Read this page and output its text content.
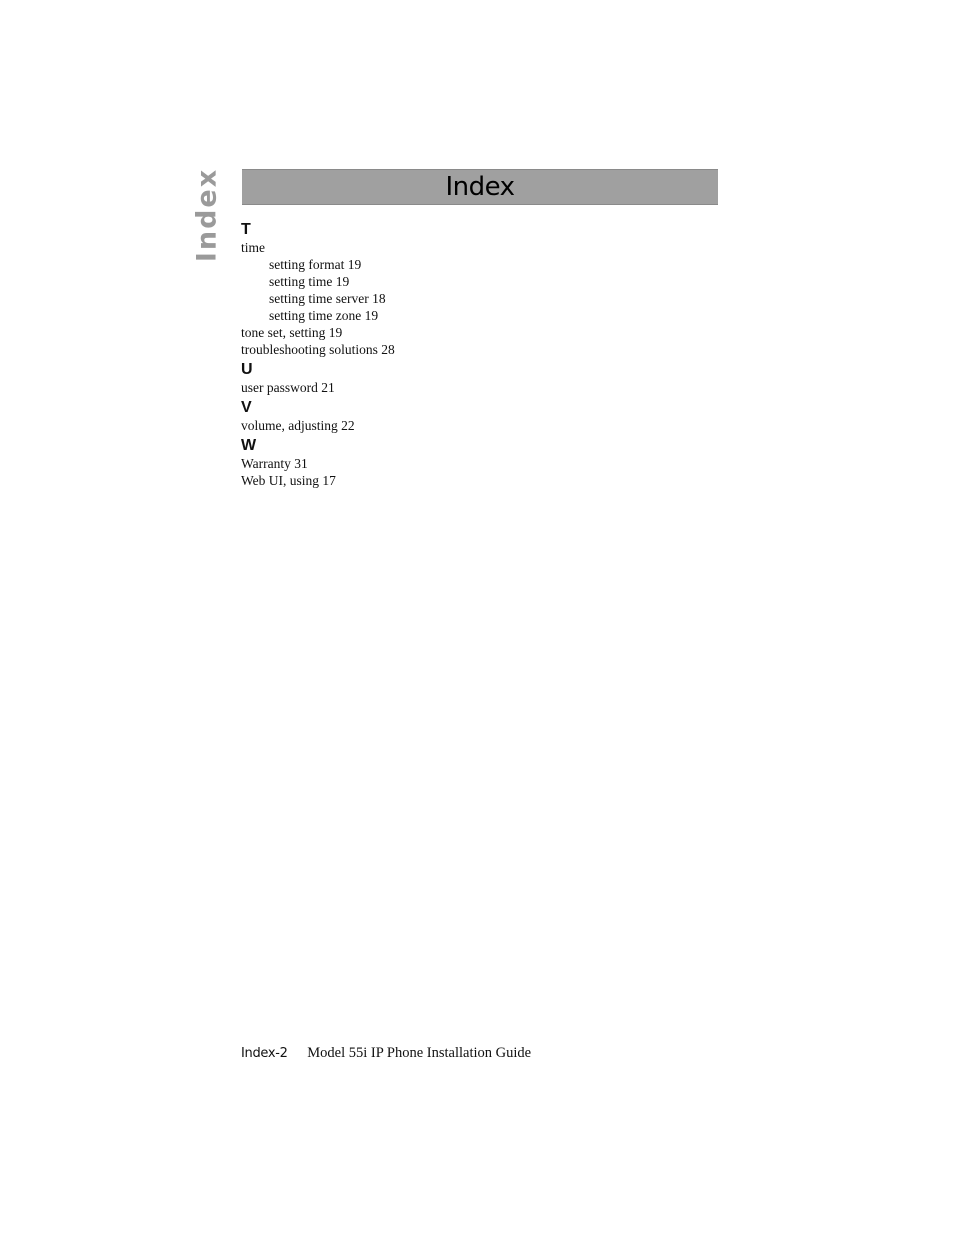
Index	Index
T
time
setting format 19
setting time 19
setting time server 18
setting time zone 19
tone set, setting 19
troubleshooting solutions 28
U
user password 21
V
volume, adjusting 22
W
Warranty 31
Web UI, using 17
Index-2 Model 55i IP Phone Installation Guide
